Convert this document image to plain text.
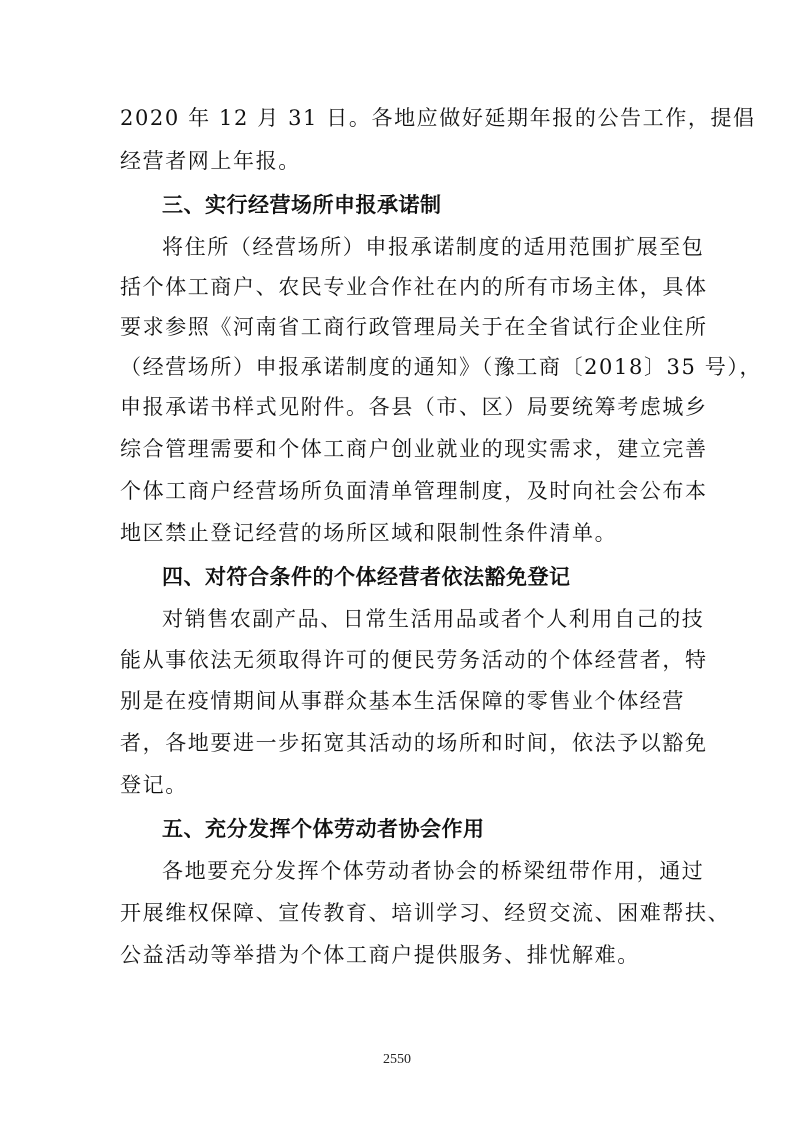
2020 年 12 月 31 日。各地应做好延期年报的公告工作，提倡
经营者网上年报。
三、实行经营场所申报承诺制
将住所（经营场所）申报承诺制度的适用范围扩展至包
括个体工商户、农民专业合作社在内的所有市场主体，具体
要求参照《河南省工商行政管理局关于在全省试行企业住所
（经营场所）申报承诺制度的通知》（豫工商〔2018〕35 号），
申报承诺书样式见附件。各县（市、区）局要统筹考虑城乡
综合管理需要和个体工商户创业就业的现实需求，建立完善
个体工商户经营场所负面清单管理制度，及时向社会公布本
地区禁止登记经营的场所区域和限制性条件清单。
四、对符合条件的个体经营者依法豁免登记
对销售农副产品、日常生活用品或者个人利用自己的技
能从事依法无须取得许可的便民劳务活动的个体经营者，特
别是在疫情期间从事群众基本生活保障的零售业个体经营
者，各地要进一步拓宽其活动的场所和时间，依法予以豁免
登记。
五、充分发挥个体劳动者协会作用
各地要充分发挥个体劳动者协会的桥梁纽带作用，通过
开展维权保障、宣传教育、培训学习、经贸交流、困难帮扶、
公益活动等举措为个体工商户提供服务、排忧解难。
2550
